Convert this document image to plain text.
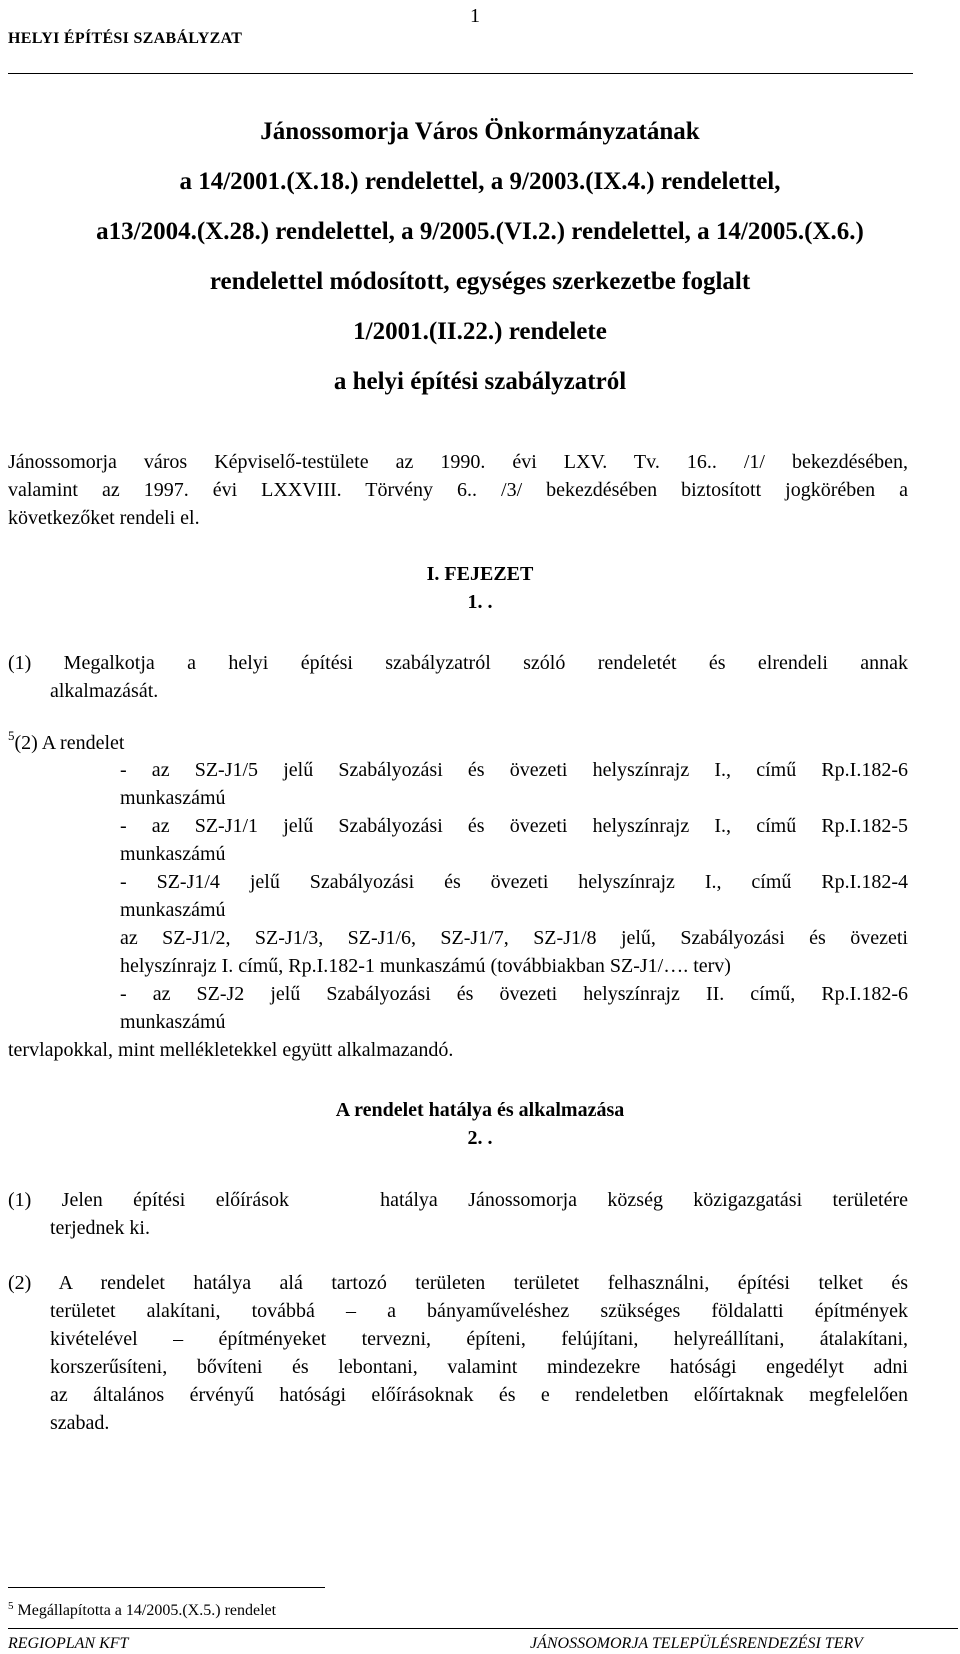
1
HELYI ÉPÍTÉSI SZABÁLYZAT
Jánossomorja Város Önkormányzatának
a 14/2001.(X.18.) rendelettel, a 9/2003.(IX.4.) rendelettel,
a13/2004.(X.28.) rendelettel, a 9/2005.(VI.2.) rendelettel, a 14/2005.(X.6.)
rendelettel módosított, egységes szerkezetbe foglalt
1/2001.(II.22.) rendelete
a helyi építési szabályzatról
Jánossomorja város Képviselő-testülete az 1990. évi LXV. Tv. 16.. /1/ bekezdésében,
valamint az 1997. évi LXXVIII. Törvény 6.. /3/ bekezdésében biztosított jogkörében a
következőket rendeli el.
I. FEJEZET
1. .
(1) Megalkotja a helyi építési szabályzatról szóló rendeletét és elrendeli annak
alkalmazását.
$^5$(2) A rendelet
- az SZ-J1/5 jelű Szabályozási és övezeti helyszínrajz I., című Rp.I.182-6
munkaszámú
- az SZ-J1/1 jelű Szabályozási és övezeti helyszínrajz I., című Rp.I.182-5
munkaszámú
- SZ-J1/4 jelű Szabályozási és övezeti helyszínrajz I., című Rp.I.182-4
munkaszámú
az SZ-J1/2, SZ-J1/3, SZ-J1/6, SZ-J1/7, SZ-J1/8 jelű, Szabályozási és övezeti
helyszínrajz I. című, Rp.I.182-1 munkaszámú (továbbiakban SZ-J1/…. terv)
- az SZ-J2 jelű Szabályozási és övezeti helyszínrajz II. című, Rp.I.182-6
munkaszámú
tervlapokkal, mint mellékletekkel együtt alkalmazandó.
A rendelet hatálya és alkalmazása
2. .
(1) Jelen építési előírások   hatálya Jánossomorja község közigazgatási területére
terjednek ki.
(2) A rendelet hatálya alá tartozó területen területet felhasználni, építési telket és
területet alakítani, továbbá – a bányaműveléshez szükséges földalatti építmények
kivételével – építményeket tervezni, építeni, felújítani, helyreállítani, átalakítani,
korszerűsíteni, bővíteni és lebontani, valamint mindezekre hatósági engedélyt adni
az általános érvényű hatósági előírásoknak és e rendeletben előírtaknak megfelelően
szabad.
$^5$ Megállapította a 14/2005.(X.5.) rendelet
REGIOPLAN KFT	JÁNOSSOMORJA TELEPÜLÉSRENDEZÉSI TERV
